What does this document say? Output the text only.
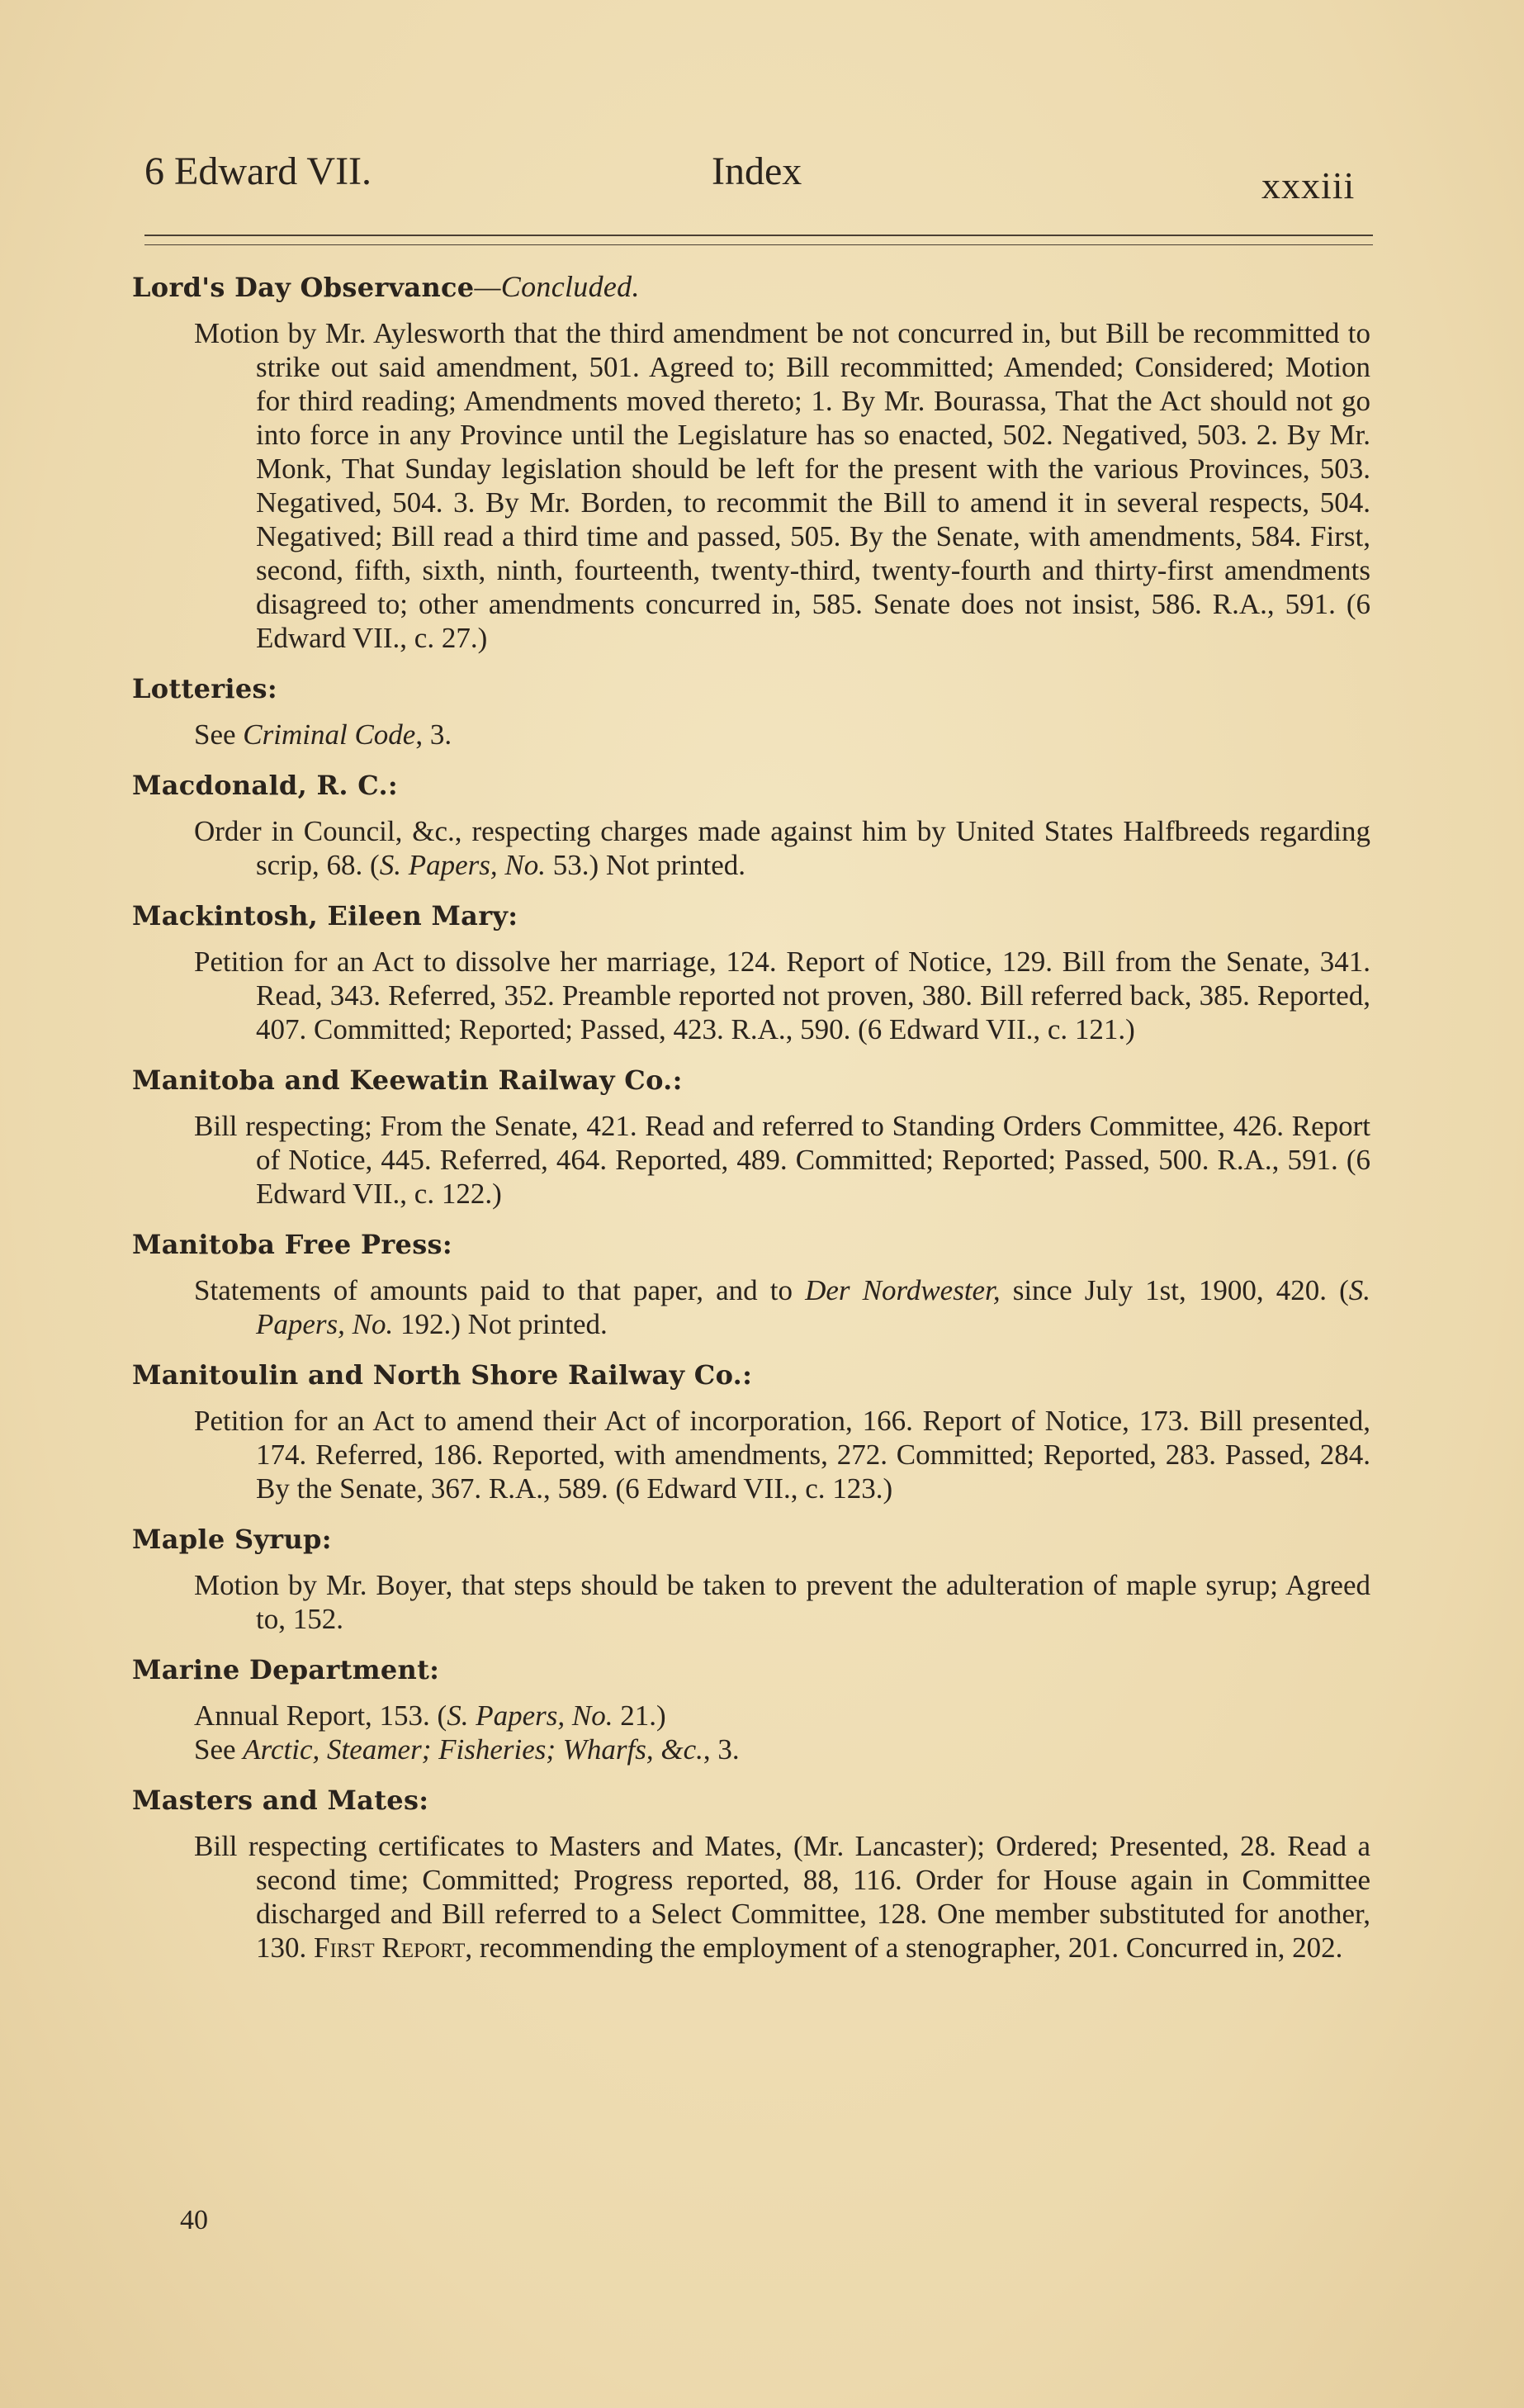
6 Edward VII.	Index	xxxiii
Lord's Day Observance—Concluded.
Motion by Mr. Aylesworth that the third amendment be not concurred in, but Bill be recommitted to strike out said amendment, 501. Agreed to; Bill recommitted; Amended; Considered; Motion for third reading; Amendments moved thereto; 1. By Mr. Bourassa, That the Act should not go into force in any Province until the Legislature has so enacted, 502. Negatived, 503. 2. By Mr. Monk, That Sunday legislation should be left for the present with the various Provinces, 503. Negatived, 504. 3. By Mr. Borden, to recommit the Bill to amend it in several respects, 504. Negatived; Bill read a third time and passed, 505. By the Senate, with amendments, 584. First, second, fifth, sixth, ninth, fourteenth, twenty-third, twenty-fourth and thirty-first amendments disagreed to; other amendments concurred in, 585. Senate does not insist, 586. R.A., 591. (6 Edward VII., c. 27.)
Lotteries:
See Criminal Code, 3.
Macdonald, R. C.:
Order in Council, &c., respecting charges made against him by United States Halfbreeds regarding scrip, 68. (S. Papers, No. 53.) Not printed.
Mackintosh, Eileen Mary:
Petition for an Act to dissolve her marriage, 124. Report of Notice, 129. Bill from the Senate, 341. Read, 343. Referred, 352. Preamble reported not proven, 380. Bill referred back, 385. Reported, 407. Committed; Reported; Passed, 423. R.A., 590. (6 Edward VII., c. 121.)
Manitoba and Keewatin Railway Co.:
Bill respecting; From the Senate, 421. Read and referred to Standing Orders Committee, 426. Report of Notice, 445. Referred, 464. Reported, 489. Committed; Reported; Passed, 500. R.A., 591. (6 Edward VII., c. 122.)
Manitoba Free Press:
Statements of amounts paid to that paper, and to Der Nordwester, since July 1st, 1900, 420. (S. Papers, No. 192.) Not printed.
Manitoulin and North Shore Railway Co.:
Petition for an Act to amend their Act of incorporation, 166. Report of Notice, 173. Bill presented, 174. Referred, 186. Reported, with amendments, 272. Committed; Reported, 283. Passed, 284. By the Senate, 367. R.A., 589. (6 Edward VII., c. 123.)
Maple Syrup:
Motion by Mr. Boyer, that steps should be taken to prevent the adulteration of maple syrup; Agreed to, 152.
Marine Department:
Annual Report, 153. (S. Papers, No. 21.)
See Arctic, Steamer; Fisheries; Wharfs, &c., 3.
Masters and Mates:
Bill respecting certificates to Masters and Mates, (Mr. Lancaster); Ordered; Presented, 28. Read a second time; Committed; Progress reported, 88, 116. Order for House again in Committee discharged and Bill referred to a Select Committee, 128. One member substituted for another, 130. First Report, recommending the employment of a stenographer, 201. Concurred in, 202.
40
